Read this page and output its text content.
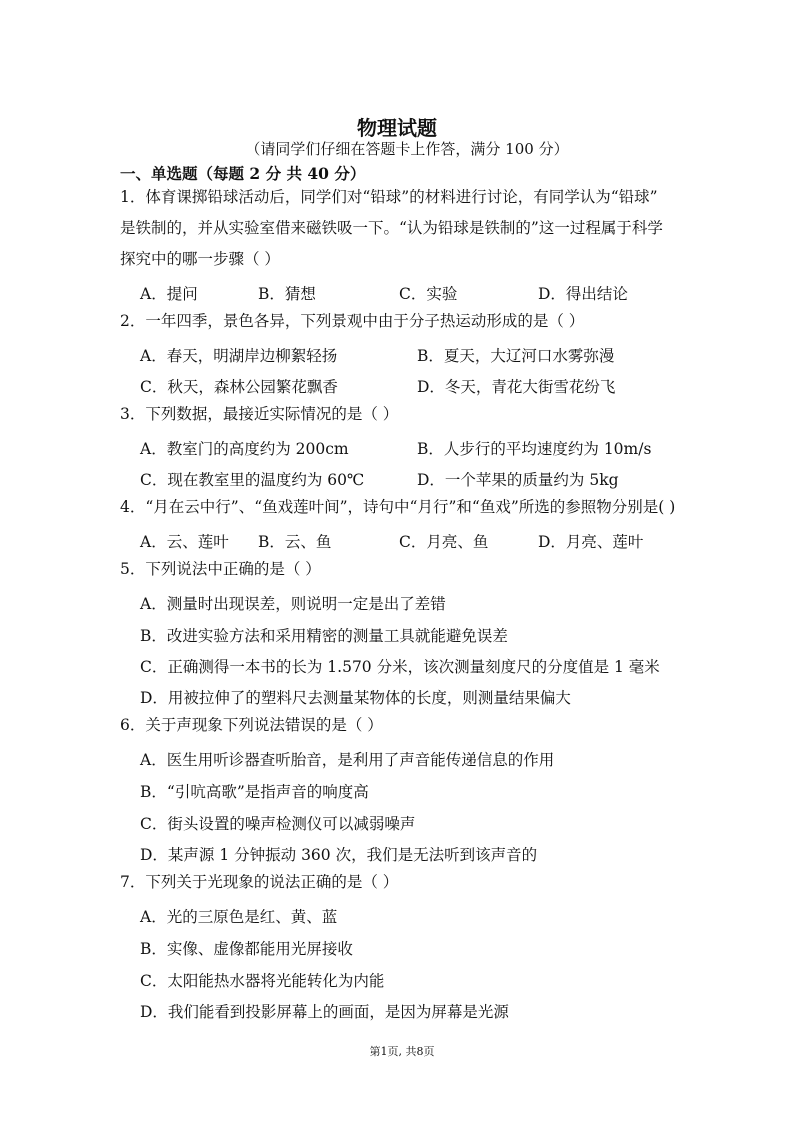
物理试题
（请同学们仔细在答题卡上作答，满分 100 分）
一、单选题（每题 2 分 共 40 分）
1．体育课掷铅球活动后，同学们对“铅球”的材料进行讨论，有同学认为“铅球”
是铁制的，并从实验室借来磁铁吸一下。“认为铅球是铁制的”这一过程属于科学
探究中的哪一步骤（ ）
A．提问	B．猜想	C．实验	D．得出结论
2．一年四季，景色各异，下列景观中由于分子热运动形成的是（ ）
A．春天，明湖岸边柳絮轻扬	B．夏天，大辽河口水雾弥漫
C．秋天，森林公园繁花飘香	D．冬天，青花大街雪花纷飞
3．下列数据，最接近实际情况的是（ ）
A．教室门的高度约为 200cm	B．人步行的平均速度约为 10m/s
C．现在教室里的温度约为 60℃	D．一个苹果的质量约为 5kg
4．“月在云中行”、“鱼戏莲叶间”，诗句中“月行”和“鱼戏”所选的参照物分别是( )
A．云、莲叶 B．云、鱼	C．月亮、鱼	D．月亮、莲叶
5．下列说法中正确的是（ ）
A．测量时出现误差，则说明一定是出了差错
B．改进实验方法和采用精密的测量工具就能避免误差
C．正确测得一本书的长为 1.570 分米，该次测量刻度尺的分度值是 1 毫米
D．用被拉伸了的塑料尺去测量某物体的长度，则测量结果偏大
6．关于声现象下列说法错误的是（ ）
A．医生用听诊器查听胎音，是利用了声音能传递信息的作用
B．“引吭高歌”是指声音的响度高
C．街头设置的噪声检测仪可以减弱噪声
D．某声源 1 分钟振动 360 次，我们是无法听到该声音的
7．下列关于光现象的说法正确的是（ ）
A．光的三原色是红、黄、蓝
B．实像、虚像都能用光屏接收
C．太阳能热水器将光能转化为内能
D．我们能看到投影屏幕上的画面，是因为屏幕是光源
第1页, 共8页
